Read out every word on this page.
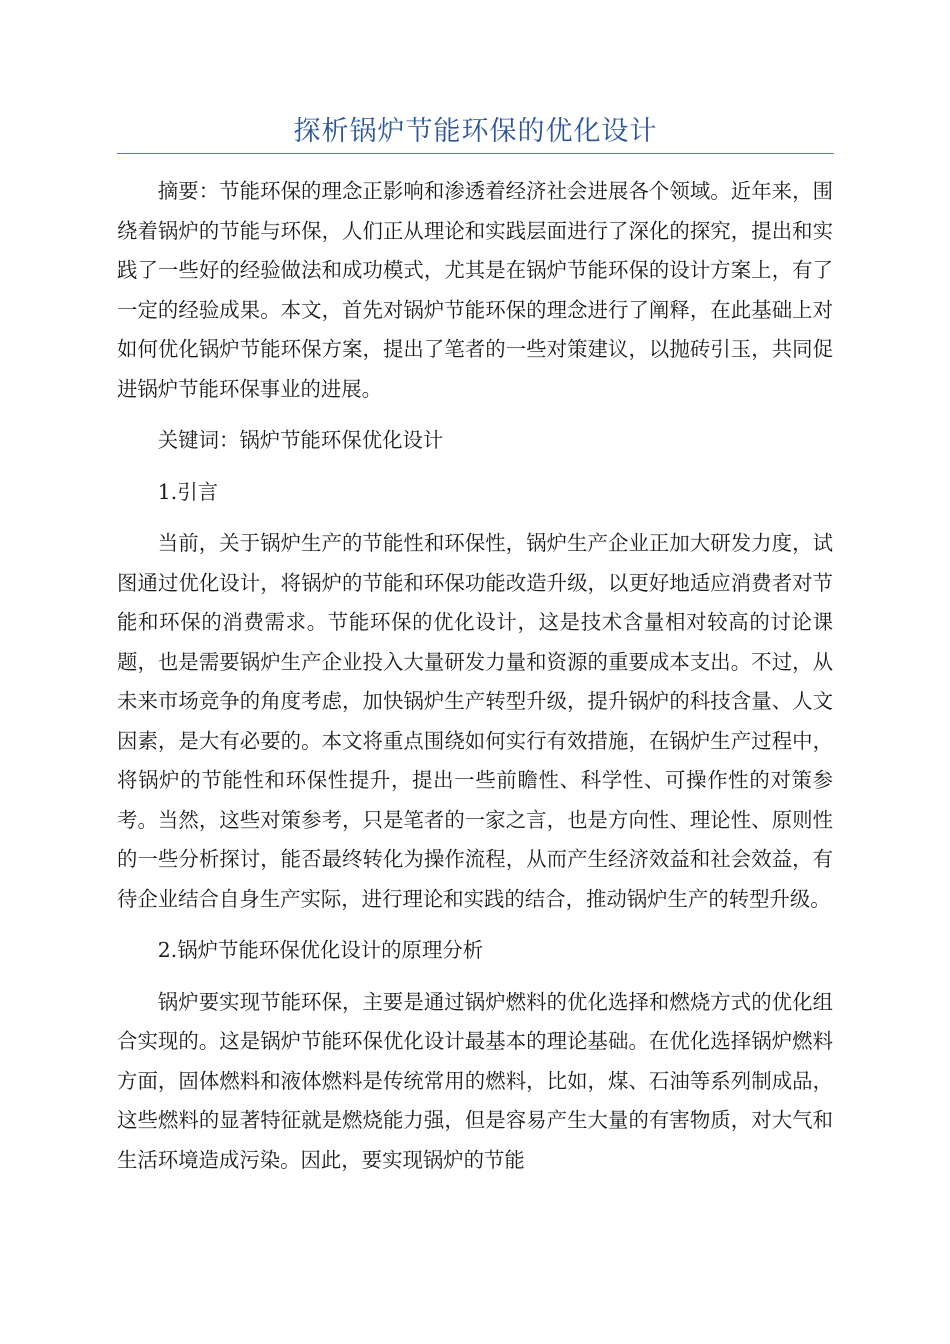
探析锅炉节能环保的优化设计

摘要：节能环保的理念正影响和渗透着经济社会进展各个领域。近年来，围绕着锅炉的节能与环保，人们正从理论和实践层面进行了深化的探究，提出和实践了一些好的经验做法和成功模式，尤其是在锅炉节能环保的设计方案上，有了一定的经验成果。本文，首先对锅炉节能环保的理念进行了阐释，在此基础上对如何优化锅炉节能环保方案，提出了笔者的一些对策建议，以抛砖引玉，共同促进锅炉节能环保事业的进展。

关键词：锅炉节能环保优化设计

1.引言

当前，关于锅炉生产的节能性和环保性，锅炉生产企业正加大研发力度，试图通过优化设计，将锅炉的节能和环保功能改造升级，以更好地适应消费者对节能和环保的消费需求。节能环保的优化设计，这是技术含量相对较高的讨论课题，也是需要锅炉生产企业投入大量研发力量和资源的重要成本支出。不过，从未来市场竞争的角度考虑，加快锅炉生产转型升级，提升锅炉的科技含量、人文因素，是大有必要的。本文将重点围绕如何实行有效措施，在锅炉生产过程中，将锅炉的节能性和环保性提升，提出一些前瞻性、科学性、可操作性的对策参考。当然，这些对策参考，只是笔者的一家之言，也是方向性、理论性、原则性的一些分析探讨，能否最终转化为操作流程，从而产生经济效益和社会效益，有待企业结合自身生产实际，进行理论和实践的结合，推动锅炉生产的转型升级。

2.锅炉节能环保优化设计的原理分析

锅炉要实现节能环保，主要是通过锅炉燃料的优化选择和燃烧方式的优化组合实现的。这是锅炉节能环保优化设计最基本的理论基础。在优化选择锅炉燃料方面，固体燃料和液体燃料是传统常用的燃料，比如，煤、石油等系列制成品，这些燃料的显著特征就是燃烧能力强，但是容易产生大量的有害物质，对大气和生活环境造成污染。因此，要实现锅炉的节能
